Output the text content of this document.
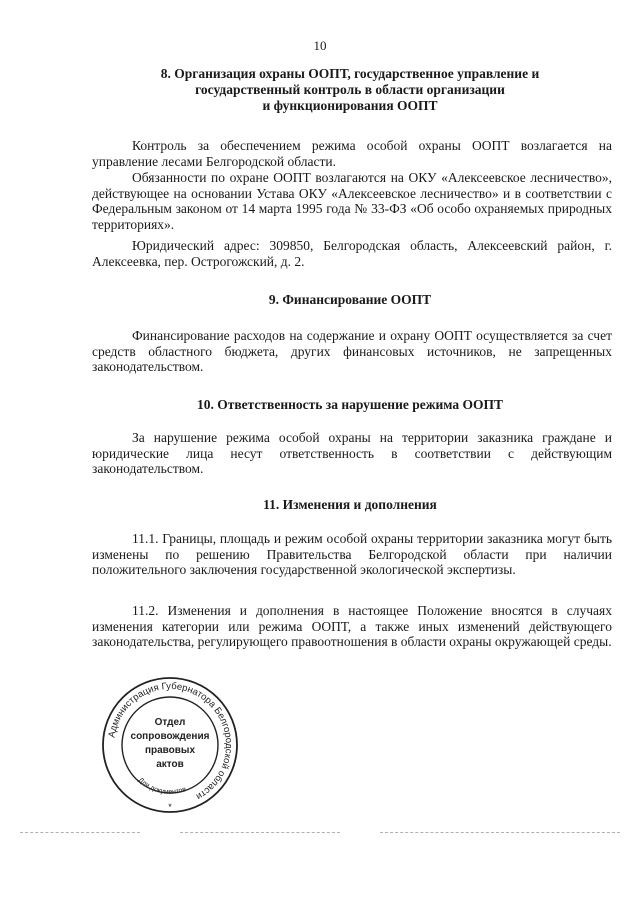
10
8. Организация охраны ООПТ, государственное управление и
государственный контроль в области организации
и функционирования ООПТ

Контроль за обеспечением режима особой охраны ООПТ возлагается на управление лесами Белгородской области.

Обязанности по охране ООПТ возлагаются на ОКУ «Алексеевское лесничество», действующее на основании Устава ОКУ «Алексеевское лесничество» и в соответствии с Федеральным законом от 14 марта 1995 года № 33-ФЗ «Об особо охраняемых природных территориях».

Юридический адрес: 309850, Белгородская область, Алексеевский район, г. Алексеевка, пер. Острогожский, д. 2.

9. Финансирование ООПТ

Финансирование расходов на содержание и охрану ООПТ осуществляется за счет средств областного бюджета, других финансовых источников, не запрещенных законодательством.

10. Ответственность за нарушение режима ООПТ

За нарушение режима особой охраны на территории заказника граждане и юридические лица несут ответственность в соответствии с действующим законодательством.

11. Изменения и дополнения

11.1. Границы, площадь и режим особой охраны территории заказника могут быть изменены по решению Правительства Белгородской области при наличии положительного заключения государственной экологической экспертизы.

11.2. Изменения и дополнения в настоящее Положение вносятся в случаях изменения категории или режима ООПТ, а также иных изменений действующего законодательства, регулирующего правоотношения в области охраны окружающей среды.

Администрация Губернатора Белгородской области
Для документов
Отдел
сопровождения
правовых
актов
*
